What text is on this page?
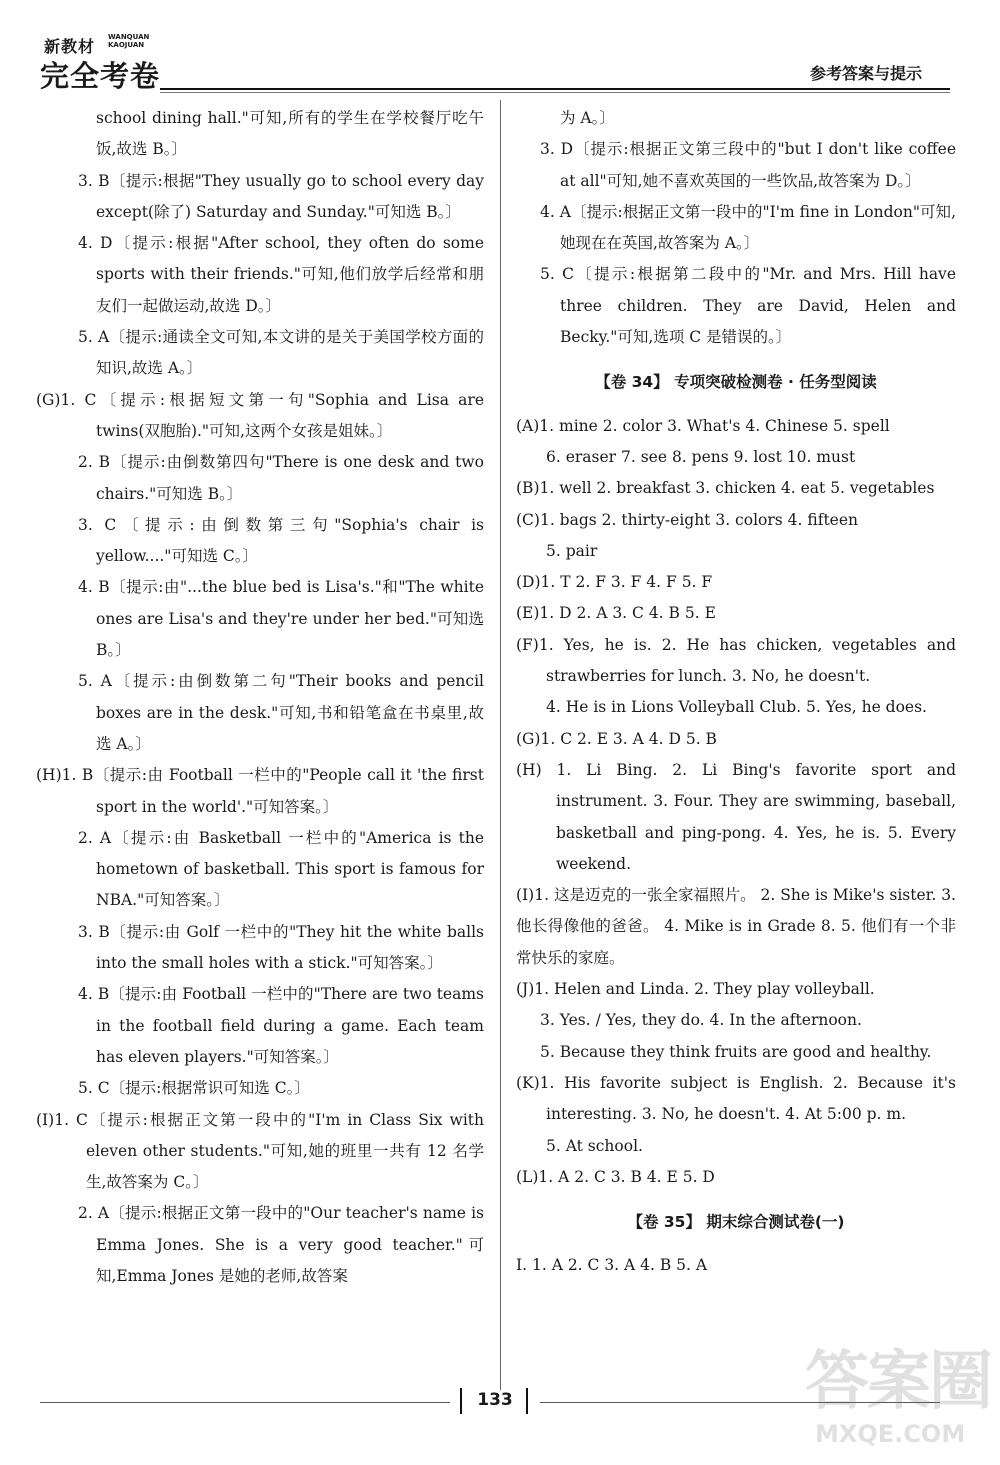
新教材 WANQUAN
KAOJUAN
完全考卷	参考答案与提示

school dining hall."可知,所有的学生在学校餐厅吃午饭,故选 B。〕

3. B〔提示:根据"They usually go to school every day except(除了) Saturday and Sunday."可知选 B。〕

4. D〔提示:根据"After school, they often do some sports with their friends."可知,他们放学后经常和朋友们一起做运动,故选 D。〕

5. A〔提示:通读全文可知,本文讲的是关于美国学校方面的知识,故选 A。〕

(G)1. C〔提示:根据短文第一句"Sophia and Lisa are twins(双胞胎)."可知,这两个女孩是姐妹。〕

2. B〔提示:由倒数第四句"There is one desk and two chairs."可知选 B。〕

3. C〔提示:由倒数第三句"Sophia's chair is yellow...."可知选 C。〕

4. B〔提示:由"...the blue bed is Lisa's."和"The white ones are Lisa's and they're under her bed."可知选 B。〕

5. A〔提示:由倒数第二句"Their books and pencil boxes are in the desk."可知,书和铅笔盒在书桌里,故选 A。〕

(H)1. B〔提示:由 Football 一栏中的"People call it 'the first sport in the world'."可知答案。〕

2. A〔提示:由 Basketball 一栏中的"America is the hometown of basketball. This sport is famous for NBA."可知答案。〕

3. B〔提示:由 Golf 一栏中的"They hit the white balls into the small holes with a stick."可知答案。〕

4. B〔提示:由 Football 一栏中的"There are two teams in the football field during a game. Each team has eleven players."可知答案。〕

5. C〔提示:根据常识可知选 C。〕

(I)1. C〔提示:根据正文第一段中的"I'm in Class Six with eleven other students."可知,她的班里一共有 12 名学生,故答案为 C。〕

2. A〔提示:根据正文第一段中的"Our teacher's name is Emma Jones. She is a very good teacher."可知,Emma Jones 是她的老师,故答案

为 A。〕

3. D〔提示:根据正文第三段中的"but I don't like coffee at all"可知,她不喜欢英国的一些饮品,故答案为 D。〕

4. A〔提示:根据正文第一段中的"I'm fine in London"可知,她现在在英国,故答案为 A。〕

5. C〔提示:根据第二段中的"Mr. and Mrs. Hill have three children. They are David, Helen and Becky."可知,选项 C 是错误的。〕

【卷 34】 专项突破检测卷 · 任务型阅读

(A)1. mine 2. color 3. What's 4. Chinese 5. spell

6. eraser 7. see 8. pens 9. lost 10. must

(B)1. well 2. breakfast 3. chicken 4. eat 5. vegetables

(C)1. bags 2. thirty-eight 3. colors 4. fifteen

5. pair

(D)1. T 2. F 3. F 4. F 5. F

(E)1. D 2. A 3. C 4. B 5. E

(F)1. Yes, he is. 2. He has chicken, vegetables and strawberries for lunch. 3. No, he doesn't.

4. He is in Lions Volleyball Club. 5. Yes, he does.

(G)1. C 2. E 3. A 4. D 5. B

(H) 1. Li Bing. 2. Li Bing's favorite sport and instrument. 3. Four. They are swimming, baseball, basketball and ping-pong. 4. Yes, he is. 5. Every weekend.

(I)1. 这是迈克的一张全家福照片。 2. She is Mike's sister. 3. 他长得像他的爸爸。 4. Mike is in Grade 8. 5. 他们有一个非常快乐的家庭。

(J)1. Helen and Linda. 2. They play volleyball.

3. Yes. / Yes, they do. 4. In the afternoon.

5. Because they think fruits are good and healthy.

(K)1. His favorite subject is English. 2. Because it's interesting. 3. No, he doesn't. 4. At 5:00 p. m.

5. At school.

(L)1. A 2. C 3. B 4. E 5. D

【卷 35】 期末综合测试卷(一)

Ⅰ. 1. A 2. C 3. A 4. B 5. A

133	答案圈
MXQE.COM
